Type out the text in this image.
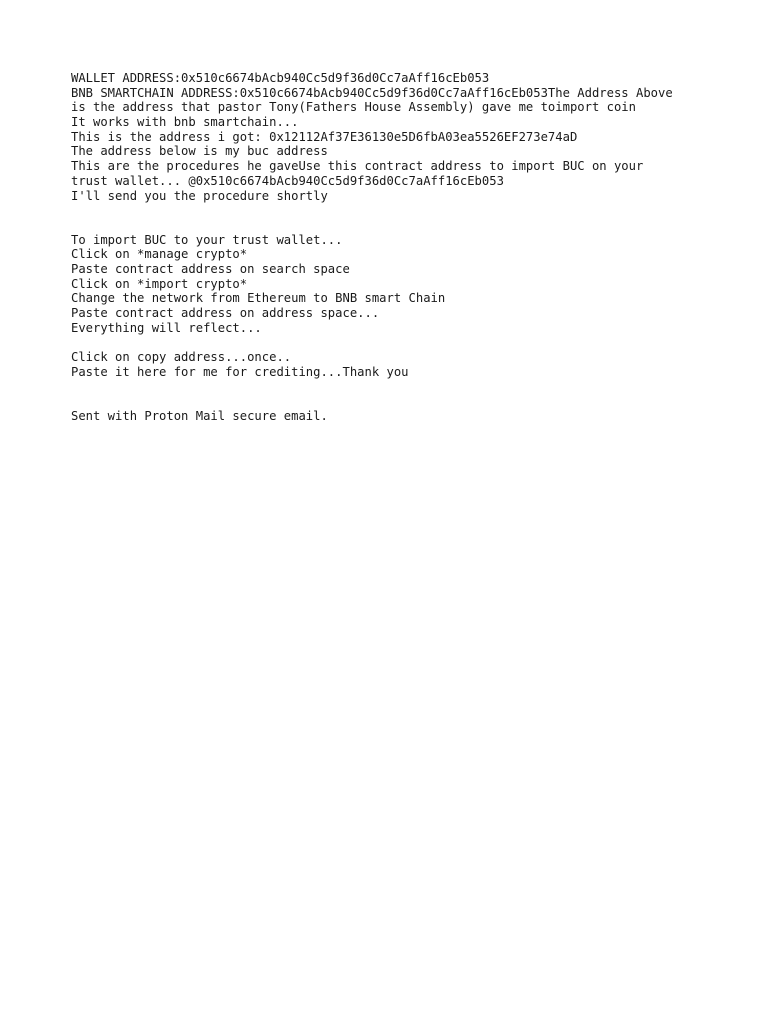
WALLET ADDRESS:0x510c6674bAcb940Cc5d9f36d0Cc7aAff16cEb053
BNB SMARTCHAIN ADDRESS:0x510c6674bAcb940Cc5d9f36d0Cc7aAff16cEb053The Address Above
is the address that pastor Tony(Fathers House Assembly) gave me toimport coin
It works with bnb smartchain...
This is the address i got: 0x12112Af37E36130e5D6fbA03ea5526EF273e74aD
The address below is my buc address
This are the procedures he gaveUse this contract address to import BUC on your
trust wallet... @0x510c6674bAcb940Cc5d9f36d0Cc7aAff16cEb053
I'll send you the procedure shortly
To import BUC to your trust wallet...
Click on *manage crypto*
Paste contract address on search space
Click on *import crypto*
Change the network from Ethereum to BNB smart Chain
Paste contract address on address space...
Everything will reflect...
Click on copy address...once..
Paste it here for me for crediting...Thank you
Sent with Proton Mail secure email.
